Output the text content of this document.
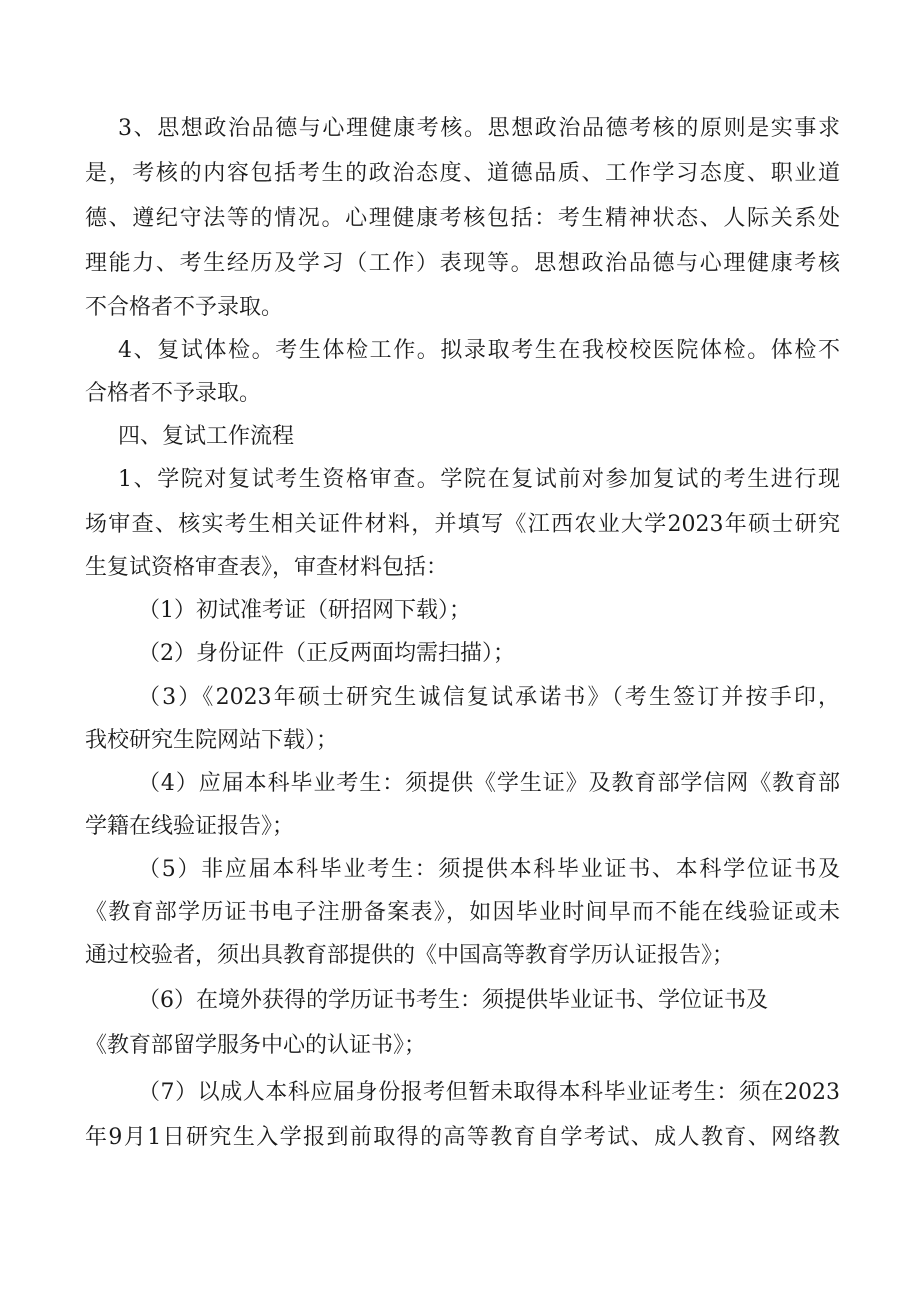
3、思想政治品德与心理健康考核。思想政治品德考核的原则是实事求
是，考核的内容包括考生的政治态度、道德品质、工作学习态度、职业道
德、遵纪守法等的情况。心理健康考核包括：考生精神状态、人际关系处
理能力、考生经历及学习（工作）表现等。思想政治品德与心理健康考核
不合格者不予录取。
4、复试体检。考生体检工作。拟录取考生在我校校医院体检。体检不
合格者不予录取。
四、复试工作流程
1、学院对复试考生资格审查。学院在复试前对参加复试的考生进行现
场审查、核实考生相关证件材料，并填写《江西农业大学2023年硕士研究
生复试资格审查表》，审查材料包括：
（1）初试准考证（研招网下载）；
（2）身份证件（正反两面均需扫描）；
（3）《2023年硕士研究生诚信复试承诺书》（考生签订并按手印，
我校研究生院网站下载）；
（4）应届本科毕业考生：须提供《学生证》及教育部学信网《教育部
学籍在线验证报告》；
（5）非应届本科毕业考生：须提供本科毕业证书、本科学位证书及
《教育部学历证书电子注册备案表》，如因毕业时间早而不能在线验证或未
通过校验者，须出具教育部提供的《中国高等教育学历认证报告》；
（6）在境外获得的学历证书考生：须提供毕业证书、学位证书及
《教育部留学服务中心的认证书》；
（7）以成人本科应届身份报考但暂未取得本科毕业证考生：须在2023
年9月1日研究生入学报到前取得的高等教育自学考试、成人教育、网络教
